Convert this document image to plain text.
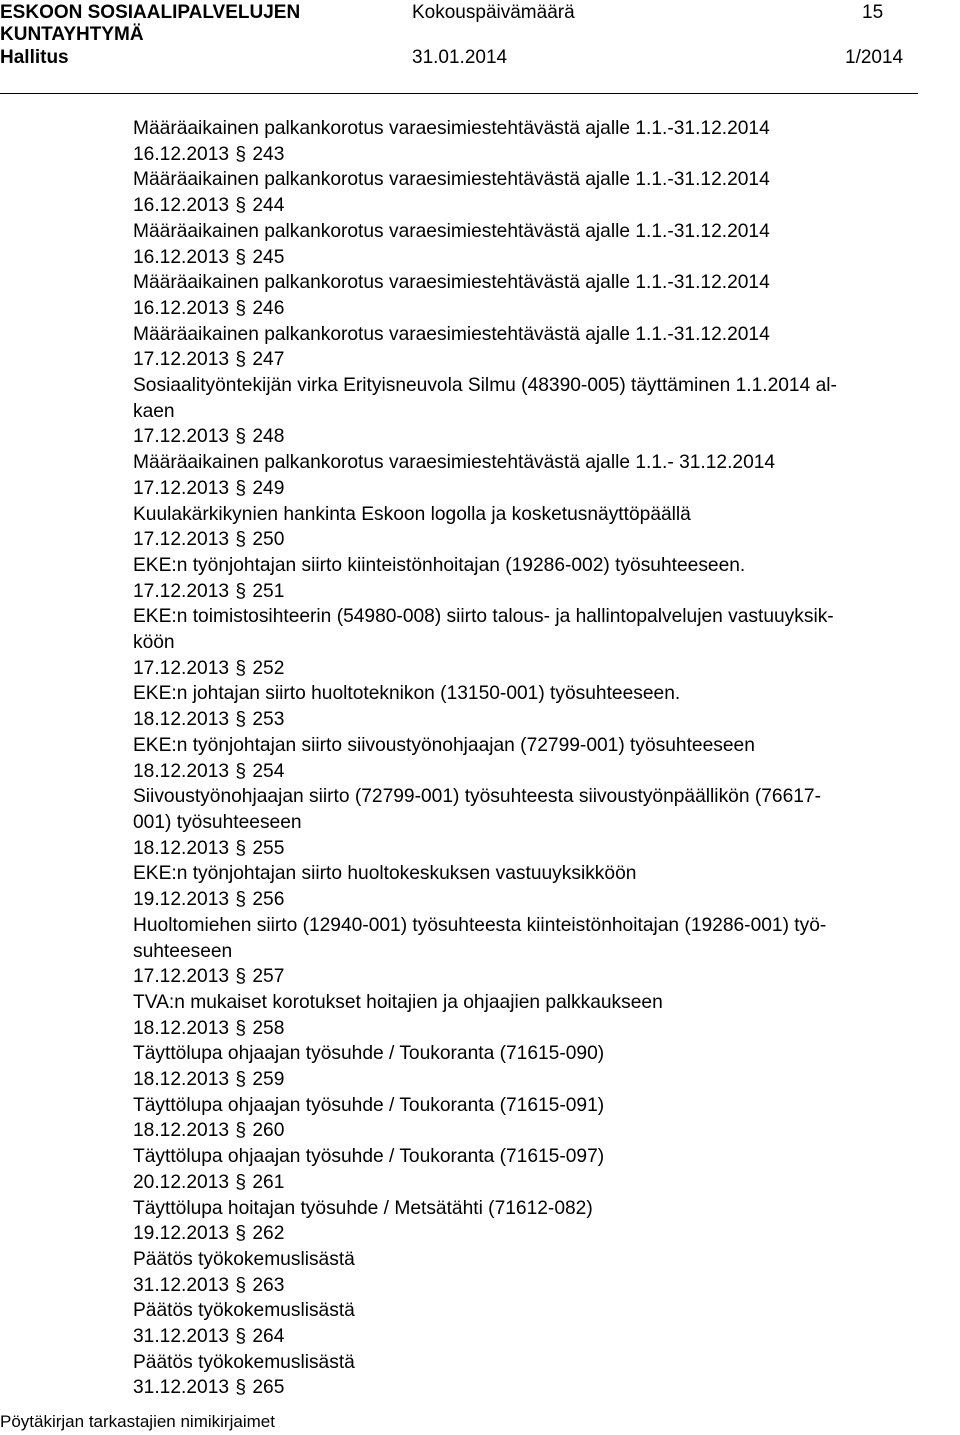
ESKOON SOSIAALIPALVELUJEN
KUNTAYHTYMÄ
Kokouspäivämäärä	15
Hallitus	31.01.2014	1/2014
Määräaikainen palkankorotus varaesimiestehtävästä ajalle 1.1.-31.12.2014
16.12.2013 § 243
Määräaikainen palkankorotus varaesimiestehtävästä ajalle 1.1.-31.12.2014
16.12.2013 § 244
Määräaikainen palkankorotus varaesimiestehtävästä ajalle 1.1.-31.12.2014
16.12.2013 § 245
Määräaikainen palkankorotus varaesimiestehtävästä ajalle 1.1.-31.12.2014
16.12.2013 § 246
Määräaikainen palkankorotus varaesimiestehtävästä ajalle 1.1.-31.12.2014
17.12.2013 § 247
Sosiaalityöntekijän virka Erityisneuvola Silmu (48390-005) täyttäminen 1.1.2014 al-
kaen
17.12.2013 § 248
Määräaikainen palkankorotus varaesimiestehtävästä ajalle 1.1.- 31.12.2014
17.12.2013 § 249
Kuulakärkikynien hankinta Eskoon logolla ja kosketusnäyttöpäällä
17.12.2013 § 250
EKE:n työnjohtajan siirto kiinteistönhoitajan (19286-002) työsuhteeseen.
17.12.2013 § 251
EKE:n toimistosihteerin (54980-008) siirto talous- ja hallintopalvelujen vastuuyksik-
köön
17.12.2013 § 252
EKE:n johtajan siirto huoltoteknikon (13150-001) työsuhteeseen.
18.12.2013 § 253
EKE:n työnjohtajan siirto siivoustyönohjaajan (72799-001) työsuhteeseen
18.12.2013 § 254
Siivoustyönohjaajan siirto (72799-001) työsuhteesta siivoustyönpäällikön (76617-
001) työsuhteeseen
18.12.2013 § 255
EKE:n työnjohtajan siirto huoltokeskuksen vastuuyksikköön
19.12.2013 § 256
Huoltomiehen siirto (12940-001) työsuhteesta kiinteistönhoitajan (19286-001) työ-
suhteeseen
17.12.2013 § 257
TVA:n mukaiset korotukset hoitajien ja ohjaajien palkkaukseen
18.12.2013 § 258
Täyttölupa ohjaajan työsuhde / Toukoranta (71615-090)
18.12.2013 § 259
Täyttölupa ohjaajan työsuhde / Toukoranta (71615-091)
18.12.2013 § 260
Täyttölupa ohjaajan työsuhde / Toukoranta (71615-097)
20.12.2013 § 261
Täyttölupa hoitajan työsuhde / Metsätähti (71612-082)
19.12.2013 § 262
Päätös työkokemuslisästä
31.12.2013 § 263
Päätös työkokemuslisästä
31.12.2013 § 264
Päätös työkokemuslisästä
31.12.2013 § 265
Pöytäkirjan tarkastajien nimikirjaimet
